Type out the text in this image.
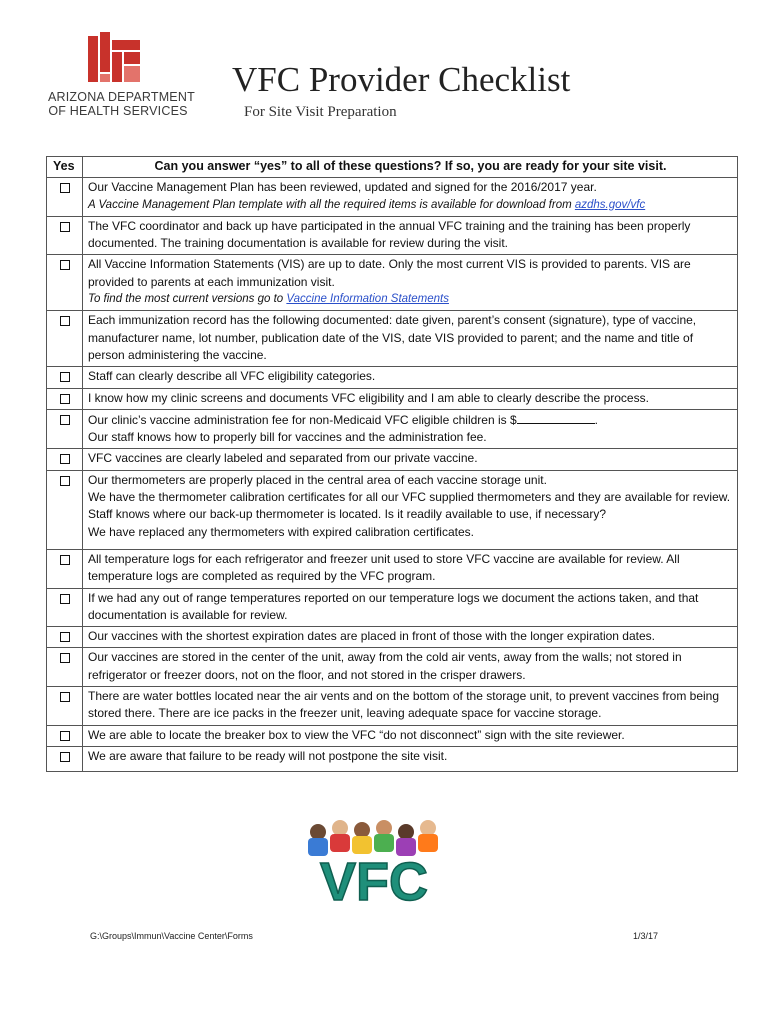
ARIZONA DEPARTMENT
OF HEALTH SERVICES
VFC Provider Checklist
For Site Visit Preparation
Yes	Can you answer “yes” to all of these questions? If so, you are ready for your site visit.

	Our Vaccine Management Plan has been reviewed, updated and signed for the 2016/2017 year.
A Vaccine Management Plan template with all the required items is available for download from azdhs.gov/vfc

	The VFC coordinator and back up have participated in the annual VFC training and the training has been properly documented. The training documentation is available for review during the visit.

	All Vaccine Information Statements (VIS) are up to date. Only the most current VIS is provided to parents. VIS are provided to parents at each immunization visit.
To find the most current versions go to Vaccine Information Statements

	Each immunization record has the following documented: date given, parent’s consent (signature), type of vaccine, manufacturer name, lot number, publication date of the VIS, date VIS provided to parent; and the name and title of person administering the vaccine.

	Staff can clearly describe all VFC eligibility categories.

	I know how my clinic screens and documents VFC eligibility and I am able to clearly describe the process.

	Our clinic’s vaccine administration fee for non-Medicaid VFC eligible children is $ .
Our staff knows how to properly bill for vaccines and the administration fee.

	VFC vaccines are clearly labeled and separated from our private vaccine.

	Our thermometers are properly placed in the central area of each vaccine storage unit.
We have the thermometer calibration certificates for all our VFC supplied thermometers and they are available for review.
Staff knows where our back-up thermometer is located. Is it readily available to use, if necessary?
We have replaced any thermometers with expired calibration certificates.

	All temperature logs for each refrigerator and freezer unit used to store VFC vaccine are available for review. All temperature logs are completed as required by the VFC program.

	If we had any out of range temperatures reported on our temperature logs we document the actions taken, and that documentation is available for review.

	Our vaccines with the shortest expiration dates are placed in front of those with the longer expiration dates.

	Our vaccines are stored in the center of the unit, away from the cold air vents, away from the walls; not stored in refrigerator or freezer doors, not on the floor, and not stored in the crisper drawers.

	There are water bottles located near the air vents and on the bottom of the storage unit, to prevent vaccines from being stored there. There are ice packs in the freezer unit, leaving adequate space for vaccine storage.

	We are able to locate the breaker box to view the VFC “do not disconnect” sign with the site reviewer.

	We are aware that failure to be ready will not postpone the site visit.
VFC
G:\Groups\Immun\Vaccine Center\Forms	1/3/17
